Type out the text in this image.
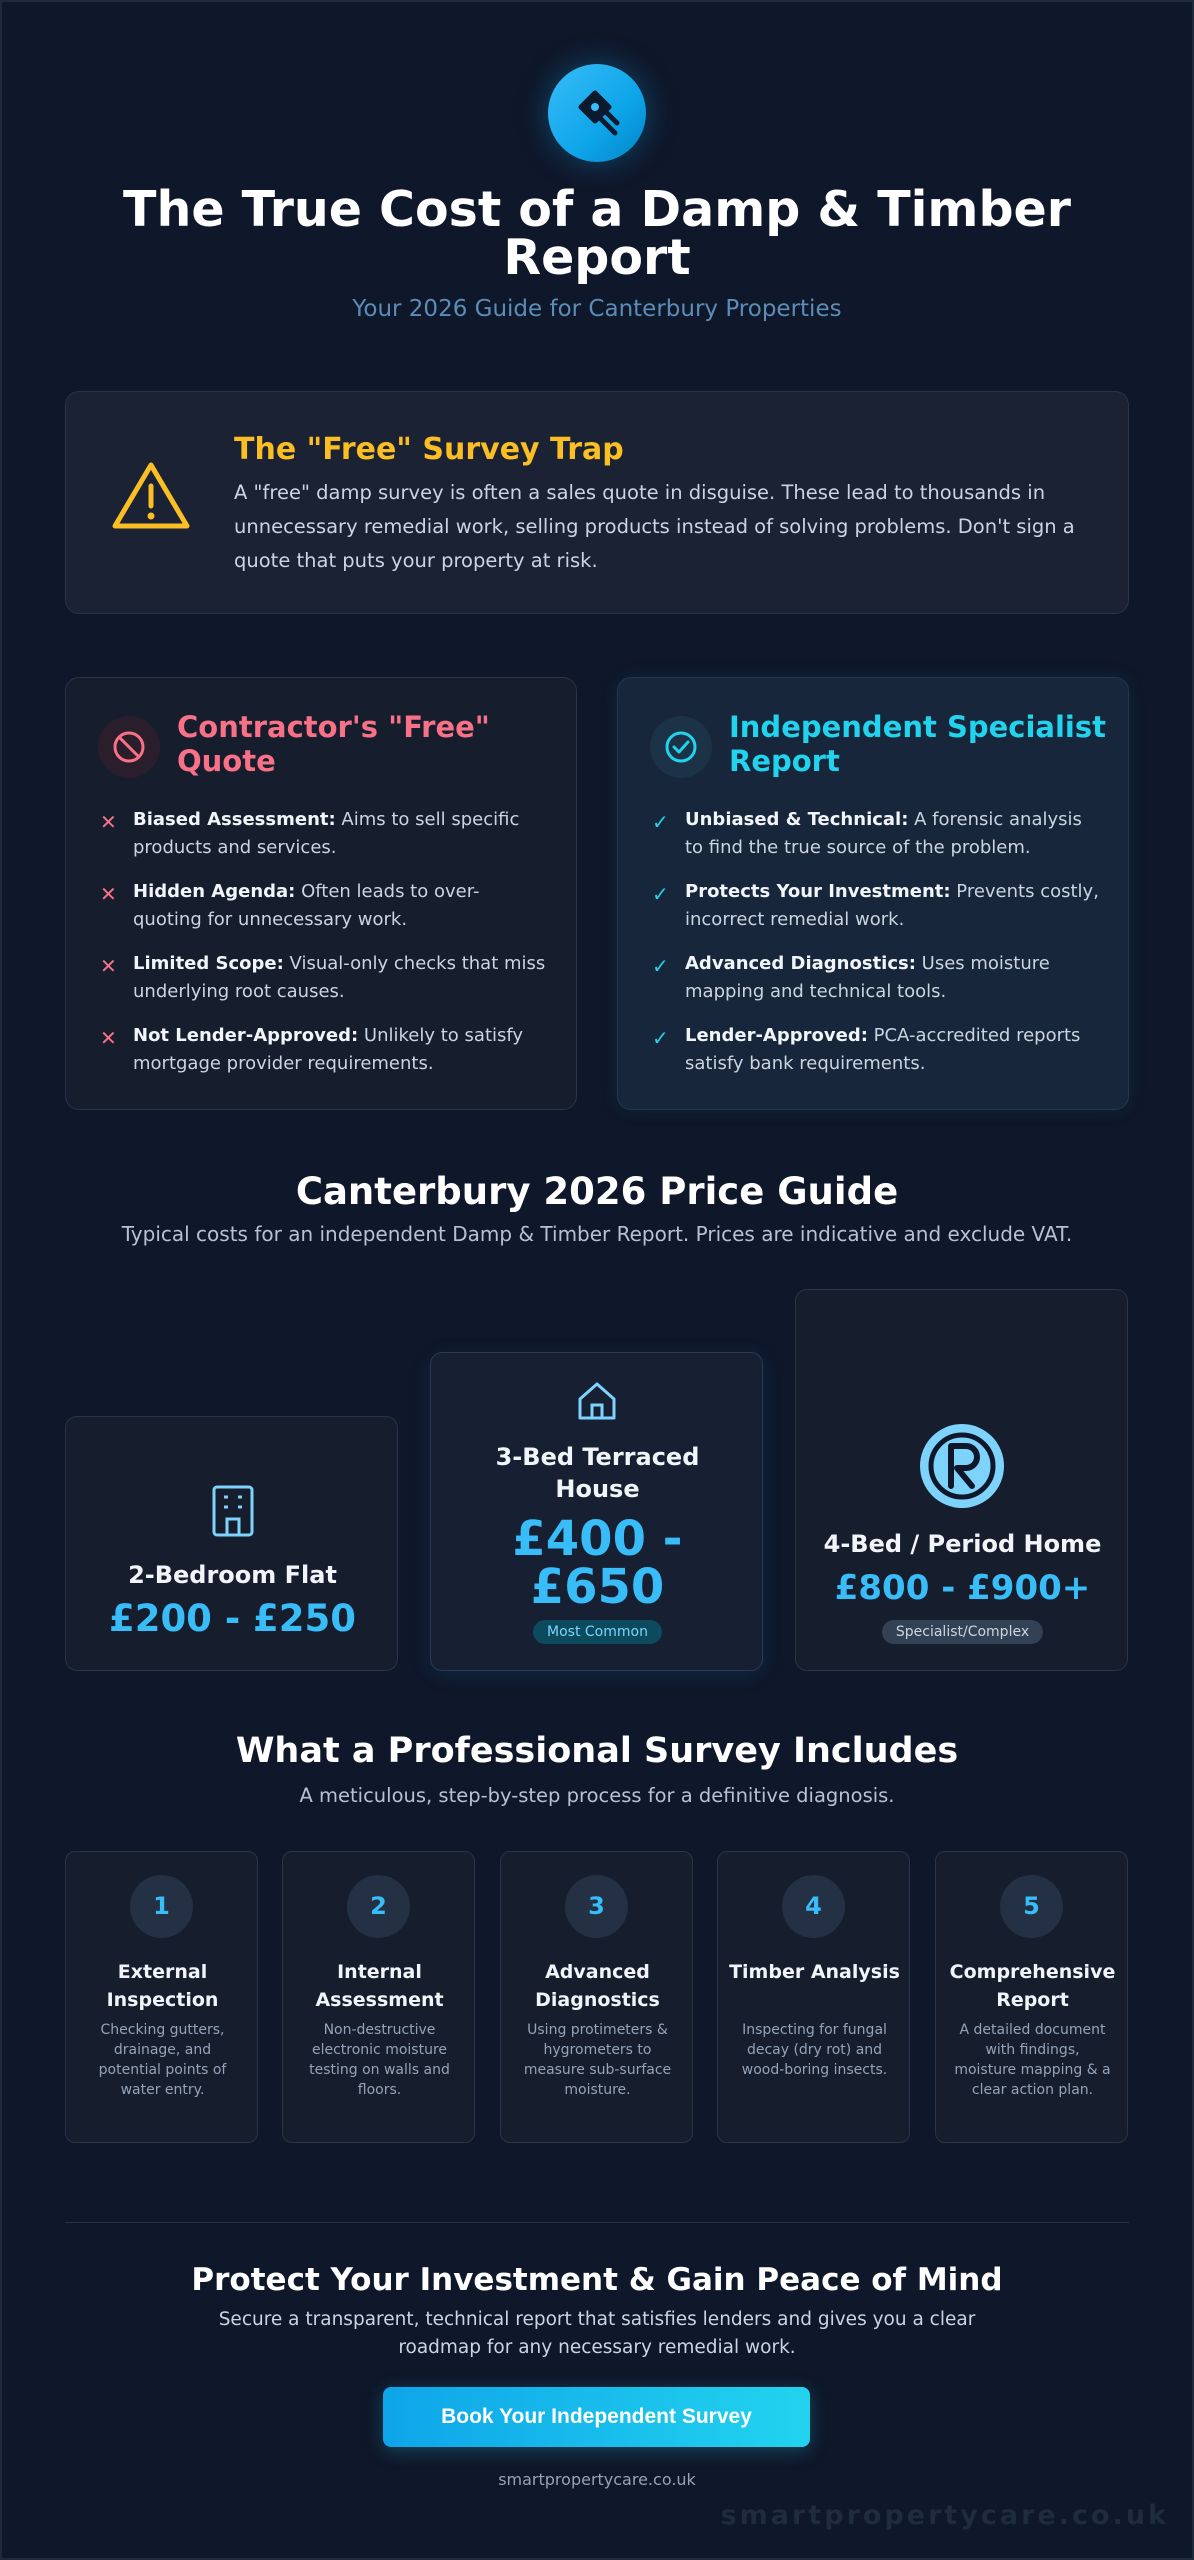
The True Cost of a Damp & Timber Report
Your 2026 Guide for Canterbury Properties
The "Free" Survey Trap

A "free" damp survey is often a sales quote in disguise. These lead to thousands in unnecessary remedial work, selling products instead of solving problems. Don't sign a quote that puts your property at risk.

Contractor's "Free" Quote
✕ Biased Assessment: Aims to sell specific products and services.
✕ Hidden Agenda: Often leads to over-quoting for unnecessary work.
✕ Limited Scope: Visual-only checks that miss underlying root causes.
✕ Not Lender-Approved: Unlikely to satisfy mortgage provider requirements.
Independent Specialist Report
✓ Unbiased & Technical: A forensic analysis to find the true source of the problem.
✓ Protects Your Investment: Prevents costly, incorrect remedial work.
✓ Advanced Diagnostics: Uses moisture mapping and technical tools.
✓ Lender-Approved: PCA-accredited reports satisfy bank requirements.
Canterbury 2026 Price Guide

Typical costs for an independent Damp & Timber Report. Prices are indicative and exclude VAT.

2-Bedroom Flat
£200 - £250
3-Bed Terraced House
£400 - £650
Most Common
4-Bed / Period Home
£800 - £900+
Specialist/Complex
What a Professional Survey Includes

A meticulous, step-by-step process for a definitive diagnosis.

1
External Inspection
Checking gutters, drainage, and potential points of water entry.
2
Internal Assessment
Non-destructive electronic moisture testing on walls and floors.
3
Advanced Diagnostics
Using protimeters & hygrometers to measure sub-surface moisture.
4
Timber Analysis
Inspecting for fungal decay (dry rot) and wood-boring insects.
5
Comprehensive Report
A detailed document with findings, moisture mapping & a clear action plan.
Protect Your Investment & Gain Peace of Mind

Secure a transparent, technical report that satisfies lenders and gives you a clear roadmap for any necessary remedial work.

Book Your Independent Survey
smartpropertycare.co.uk
smartpropertycare.co.uk
